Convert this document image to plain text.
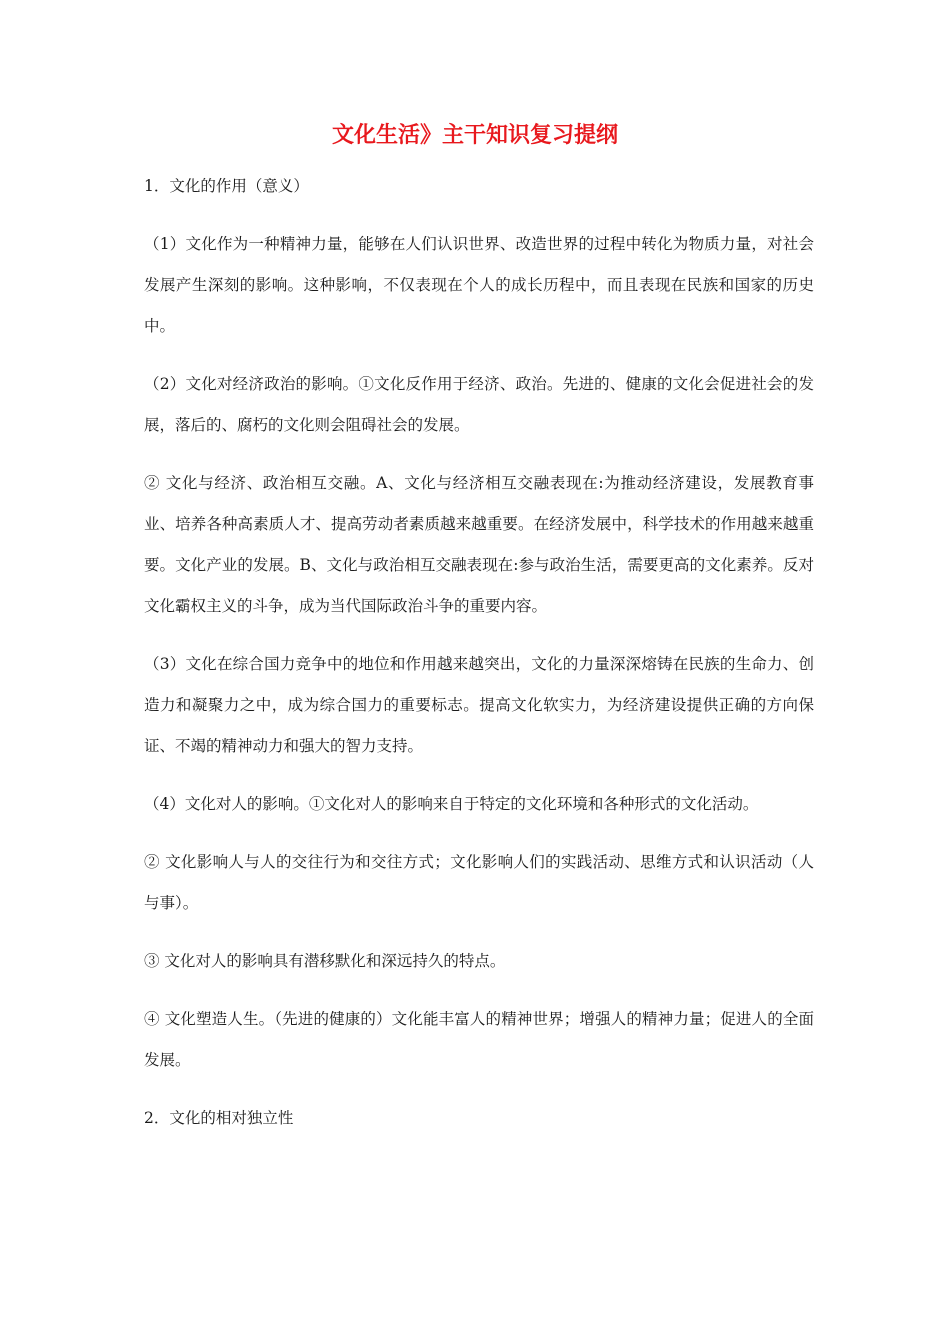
文化生活》主干知识复习提纲

1．文化的作用（意义）

（1）文化作为一种精神力量，能够在人们认识世界、改造世界的过程中转化为物质力量，对社会发展产生深刻的影响。这种影响，不仅表现在个人的成长历程中，而且表现在民族和国家的历史中。

（2）文化对经济政治的影响。①文化反作用于经济、政治。先进的、健康的文化会促进社会的发展，落后的、腐朽的文化则会阻碍社会的发展。

② 文化与经济、政治相互交融。A、文化与经济相互交融表现在:为推动经济建设，发展教育事业、培养各种高素质人才、提高劳动者素质越来越重要。在经济发展中，科学技术的作用越来越重要。文化产业的发展。B、文化与政治相互交融表现在:参与政治生活，需要更高的文化素养。反对文化霸权主义的斗争，成为当代国际政治斗争的重要内容。

（3）文化在综合国力竞争中的地位和作用越来越突出，文化的力量深深熔铸在民族的生命力、创造力和凝聚力之中，成为综合国力的重要标志。提高文化软实力，为经济建设提供正确的方向保证、不竭的精神动力和强大的智力支持。

（4）文化对人的影响。①文化对人的影响来自于特定的文化环境和各种形式的文化活动。

② 文化影响人与人的交往行为和交往方式；文化影响人们的实践活动、思维方式和认识活动（人与事）。

③ 文化对人的影响具有潜移默化和深远持久的特点。

④ 文化塑造人生。（先进的健康的）文化能丰富人的精神世界；增强人的精神力量；促进人的全面发展。

2．文化的相对独立性
